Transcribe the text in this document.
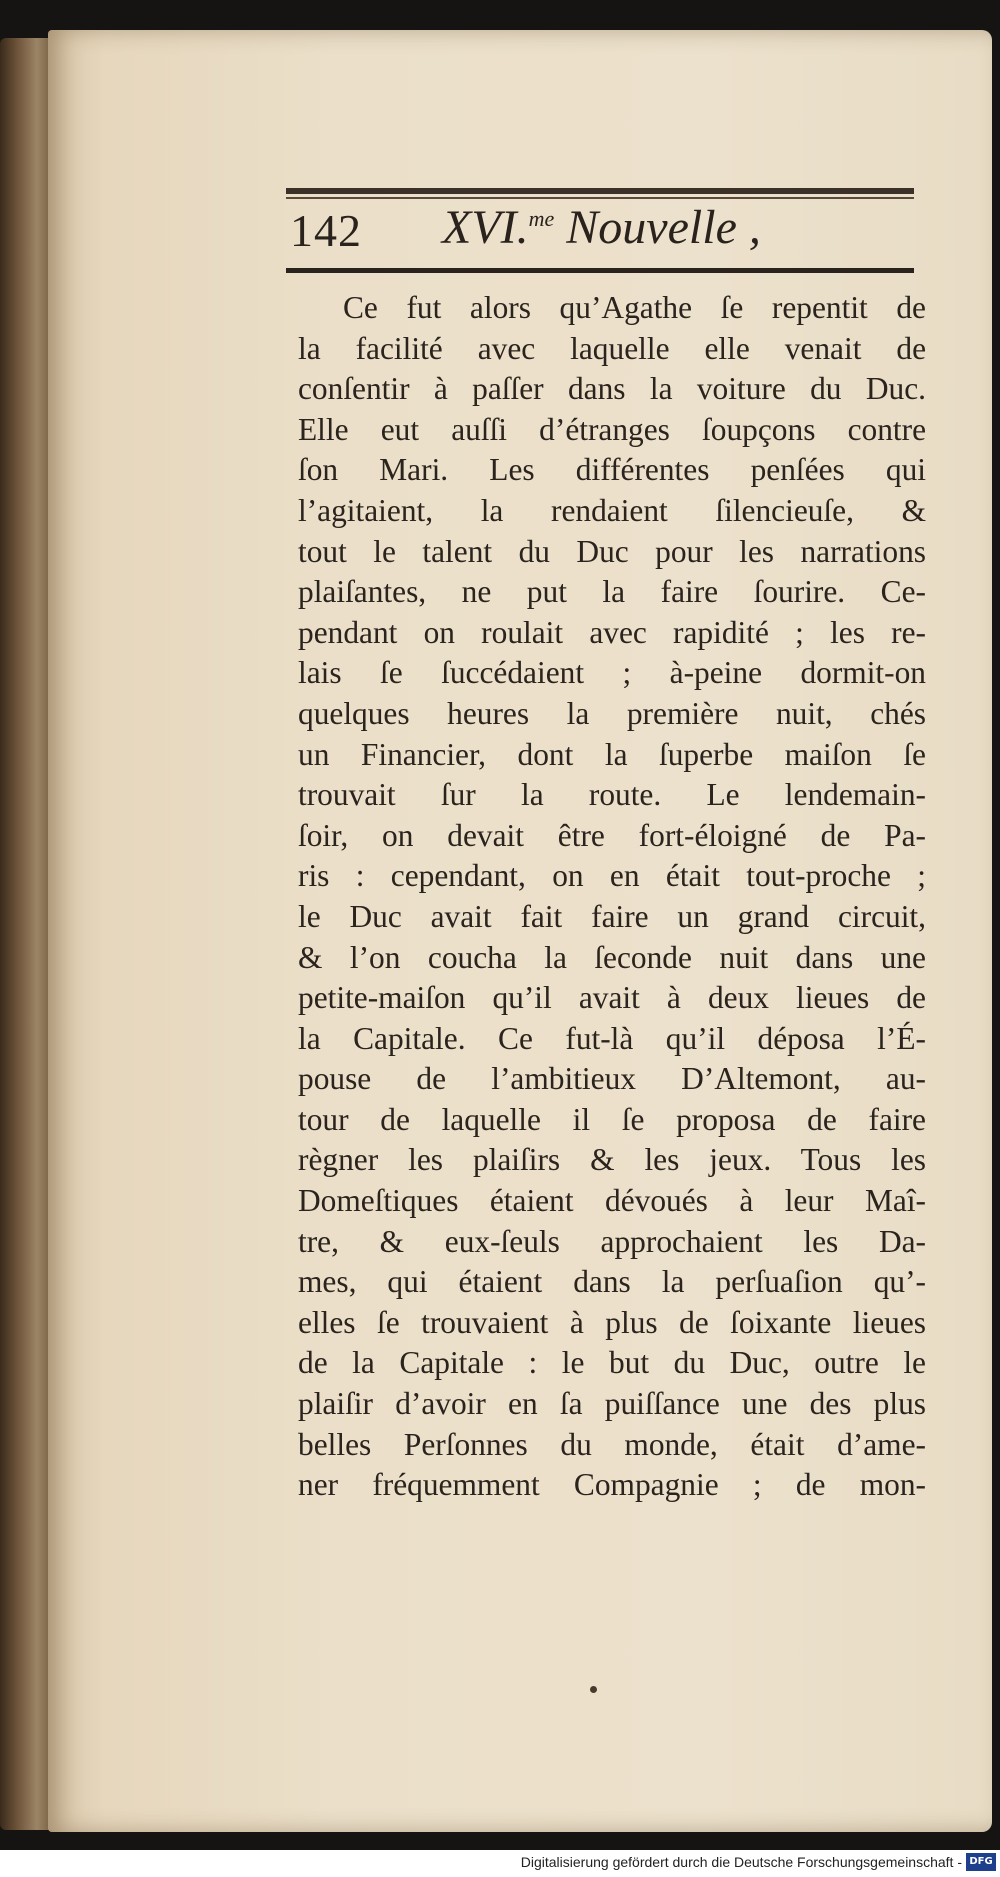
142 XVI.$^{me}$ Nouvelle ,
Ce fut alors qu’Agathe ſe repentit de
la facilité avec laquelle elle venait de
conſentir à paſſer dans la voiture du Duc.
Elle eut auſſi d’étranges ſoupçons contre
ſon Mari. Les différentes penſées qui
l’agitaient, la rendaient ſilencieuſe, &
tout le talent du Duc pour les narrations
plaiſantes, ne put la faire ſourire. Ce-
pendant on roulait avec rapidité ; les re-
lais ſe ſuccédaient ; à-peine dormit-on
quelques heures la première nuit, chés
un Financier, dont la ſuperbe maiſon ſe
trouvait ſur la route. Le lendemain-
ſoir, on devait être fort-éloigné de Pa-
ris : cependant, on en était tout-proche ;
le Duc avait fait faire un grand circuit,
& l’on coucha la ſeconde nuit dans une
petite-maiſon qu’il avait à deux lieues de
la Capitale. Ce fut-là qu’il déposa l’É-
pouse de l’ambitieux D’Altemont, au-
tour de laquelle il ſe proposa de faire
règner les plaiſirs & les jeux. Tous les
Domeſtiques étaient dévoués à leur Maî-
tre, & eux-ſeuls approchaient les Da-
mes, qui étaient dans la perſuaſion qu’-
elles ſe trouvaient à plus de ſoixante lieues
de la Capitale : le but du Duc, outre le
plaiſir d’avoir en ſa puiſſance une des plus
belles Perſonnes du monde, était d’ame-
ner fréquemment Compagnie ; de mon-
Digitalisierung gefördert durch die Deutsche Forschungsgemeinschaft - DFG
